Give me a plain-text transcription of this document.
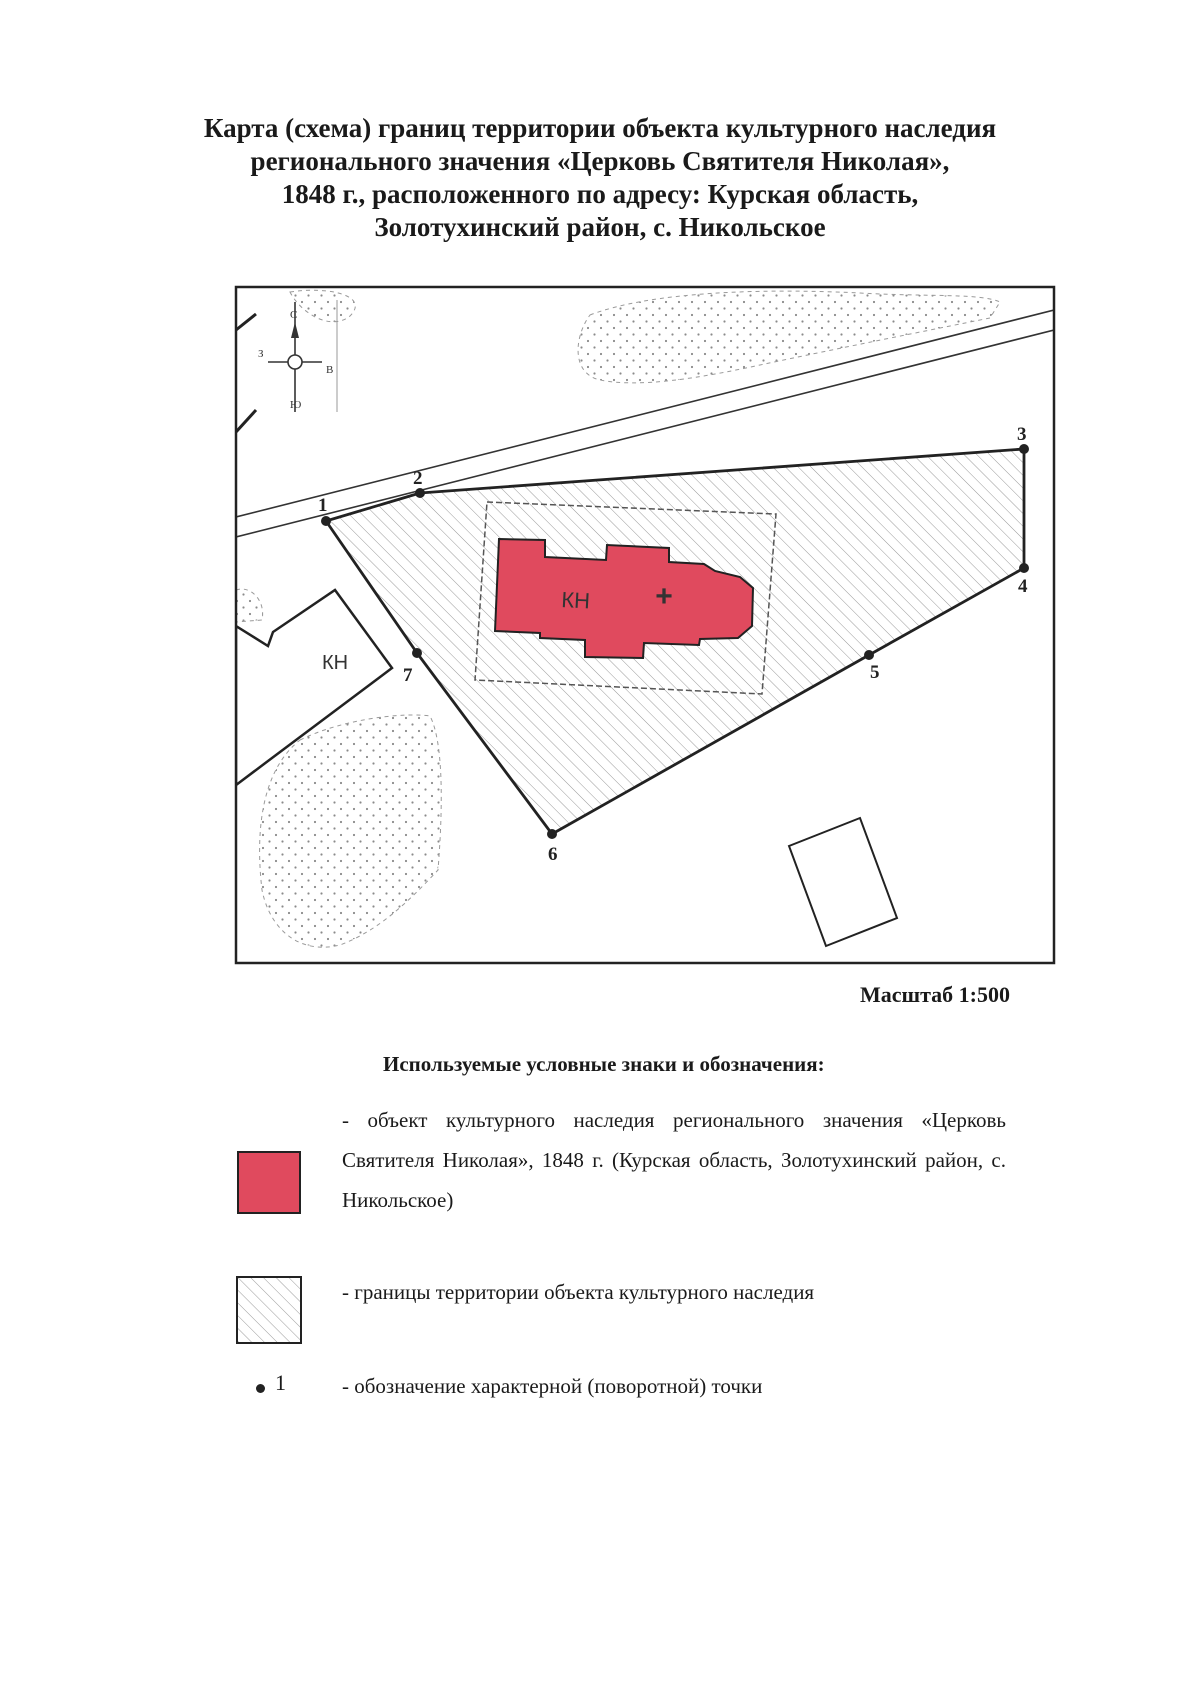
Карта (схема) границ территории объекта культурного наследия
регионального значения «Церковь Святителя Николая»,
1848 г., расположенного по адресу: Курская область,
Золотухинский район, с. Никольское
КН +
КН
С
Ю
З
В
1
2
3
4
5
6
7
Масштаб 1:500
Используемые условные знаки и обозначения:
- объект культурного наследия регионального значения «Церковь Святителя Николая», 1848 г. (Курская область, Золотухинский район, с. Никольское)
- границы территории объекта культурного наследия
1	- обозначение характерной (поворотной) точки
